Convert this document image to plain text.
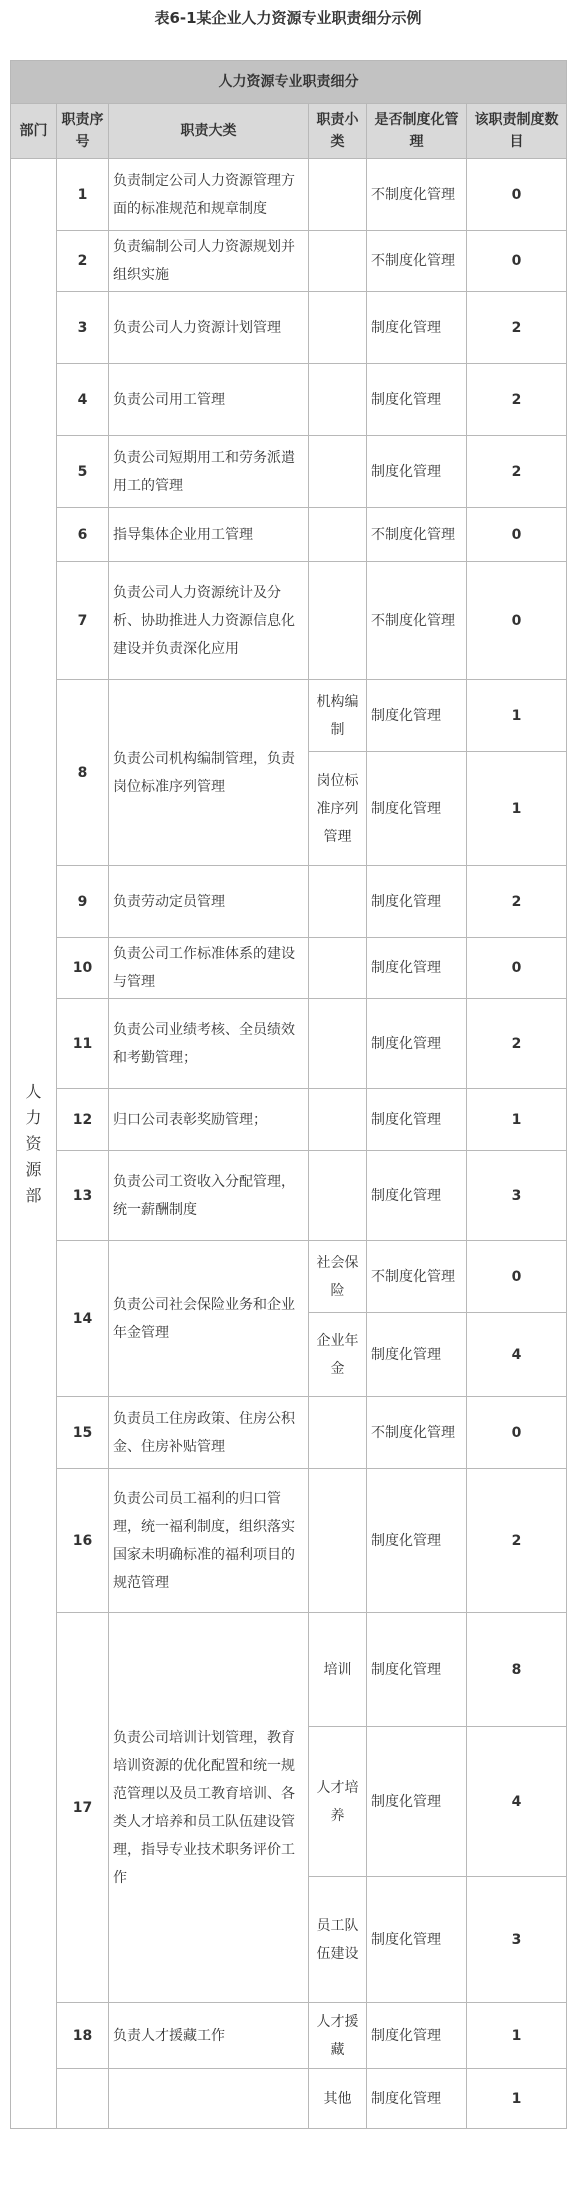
表6-1某企业人力资源专业职责细分示例
人力资源专业职责细分					
部门	职责序号	职责大类	职责小类	是否制度化管理	该职责制度数目

人力资源部	1	负责制定公司人力资源管理方面的标准规范和规章制度		不制度化管理	0
	2	负责编制公司人力资源规划并组织实施		不制度化管理	0
	3	负责公司人力资源计划管理		制度化管理	2
	4	负责公司用工管理		制度化管理	2
	5	负责公司短期用工和劳务派遣用工的管理		制度化管理	2
	6	指导集体企业用工管理		不制度化管理	0
	7	负责公司人力资源统计及分析、协助推进人力资源信息化建设并负责深化应用		不制度化管理	0
	8	负责公司机构编制管理，负责岗位标准序列管理	机构编制	制度化管理	1
			岗位标准序列管理	制度化管理	1
	9	负责劳动定员管理		制度化管理	2
	10	负责公司工作标准体系的建设与管理		制度化管理	0
	11	负责公司业绩考核、全员绩效和考勤管理；		制度化管理	2
	12	归口公司表彰奖励管理；		制度化管理	1
	13	负责公司工资收入分配管理，统一薪酬制度		制度化管理	3
	14	负责公司社会保险业务和企业年金管理	社会保险	不制度化管理	0
			企业年金	制度化管理	4
	15	负责员工住房政策、住房公积金、住房补贴管理		不制度化管理	0
	16	负责公司员工福利的归口管理，统一福利制度，组织落实国家未明确标准的福利项目的规范管理		制度化管理	2
	17	负责公司培训计划管理，教育培训资源的优化配置和统一规范管理以及员工教育培训、各类人才培养和员工队伍建设管理，指导专业技术职务评价工作	培训	制度化管理	8
			人才培养	制度化管理	4
			员工队伍建设	制度化管理	3
	18	负责人才援藏工作	人才援藏	制度化管理	1
			其他	制度化管理	1
